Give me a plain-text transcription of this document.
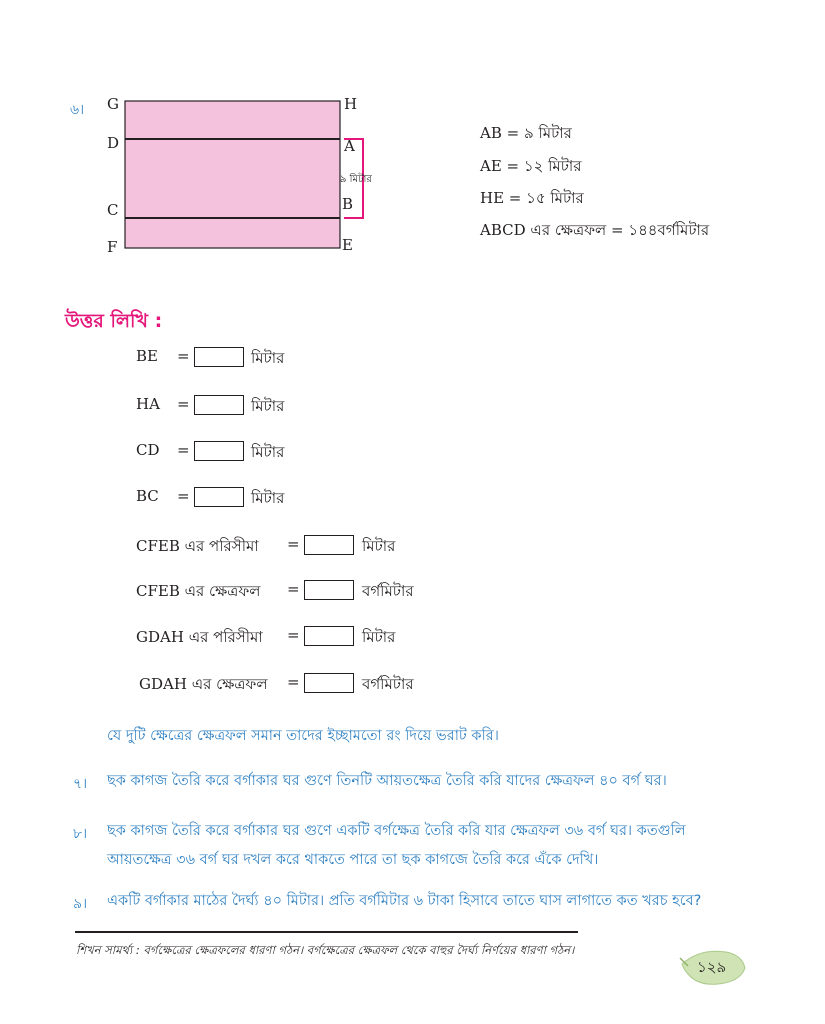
৬। G	H
D	A
C	B
F	E
৯ মিটার
AB = ৯ মিটার
AE = ১২ মিটার
HE = ১৫ মিটার
ABCD এর ক্ষেত্রফল = ১৪৪বর্গমিটার
উত্তর লিখি :
BE =	মিটার
HA =	মিটার
CD =	মিটার
BC =	মিটার
CFEB এর পরিসীমা =	মিটার
CFEB এর ক্ষেত্রফল =	বর্গমিটার
GDAH এর পরিসীমা =	মিটার
GDAH এর ক্ষেত্রফল =	বর্গমিটার
যে দুটি ক্ষেত্রের ক্ষেত্রফল সমান তাদের ইচ্ছামতো রং দিয়ে ভরাট করি।
৭। ছক কাগজ তৈরি করে বর্গাকার ঘর গুণে তিনটি আয়তক্ষেত্র তৈরি করি যাদের ক্ষেত্রফল ৪০ বর্গ ঘর।
৮। ছক কাগজ তৈরি করে বর্গাকার ঘর গুণে একটি বর্গক্ষেত্র তৈরি করি যার ক্ষেত্রফল ৩৬ বর্গ ঘর। কতগুলি
আয়তক্ষেত্র ৩৬ বর্গ ঘর দখল করে থাকতে পারে তা ছক কাগজে তৈরি করে এঁকে দেখি।
৯। একটি বর্গাকার মাঠের দৈর্ঘ্য ৪০ মিটার। প্রতি বর্গমিটার ৬ টাকা হিসাবে তাতে ঘাস লাগাতে কত খরচ হবে?
শিখন সামর্থ্য : বর্গক্ষেত্রের ক্ষেত্রফলের ধারণা গঠন। বর্গক্ষেত্রের ক্ষেত্রফল থেকে বাহুর দৈর্ঘ্য নির্ণয়ের ধারণা গঠন।
১২৯
